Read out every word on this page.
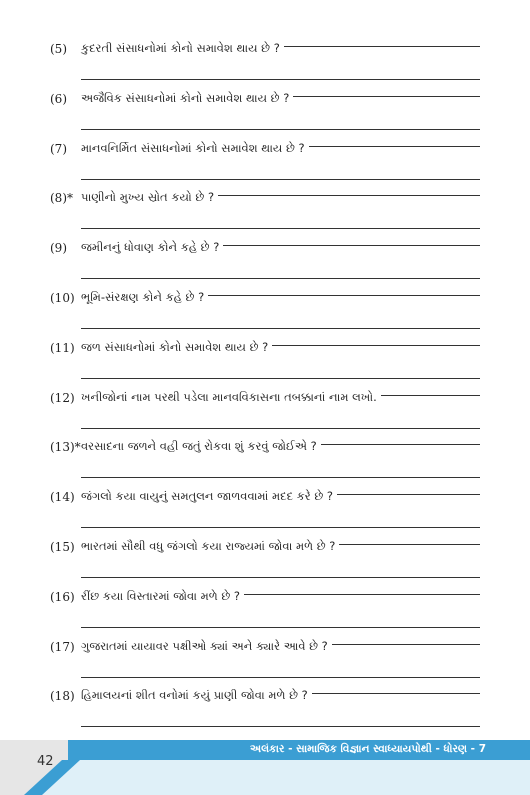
(5)	કુદરતી સંસાધનોમાં કોનો સમાવેશ થાય છે ?
(6)	અજૈવિક સંસાધનોમાં કોનો સમાવેશ થાય છે ?
(7)	માનવનિર્મિત સંસાધનોમાં કોનો સમાવેશ થાય છે ?
(8)* પાણીનો મુખ્ય સ્રોત કયો છે ?
(9)	જમીનનું ધોવાણ કોને કહે છે ?
(10) ભૂમિ-સંરક્ષણ કોને કહે છે ?
(11) જળ સંસાધનોમાં કોનો સમાવેશ થાય છે ?
(12) ખનીજોનાં નામ પરથી પડેલા માનવવિકાસના તબક્કાનાં નામ લખો.
(13)* વરસાદના જળને વહી જતું રોકવા શું કરવું જોઈએ ?
(14) જંગલો કયા વાયુનું સમતુલન જાળવવામાં મદદ કરે છે ?
(15) ભારતમાં સૌથી વધુ જંગલો કયા રાજ્યમાં જોવા મળે છે ?
(16) રીંછ કયા વિસ્તારમાં જોવા મળે છે ?
(17) ગુજરાતમાં યાયાવર પક્ષીઓ ક્યાં અને ક્યારે આવે છે ?
(18) હિમાલયનાં શીત વનોમાં કયું પ્રાણી જોવા મળે છે ?
અલંકાર - સામાજિક વિજ્ઞાન સ્વાધ્યાયપોથી - ધોરણ - 7
42
